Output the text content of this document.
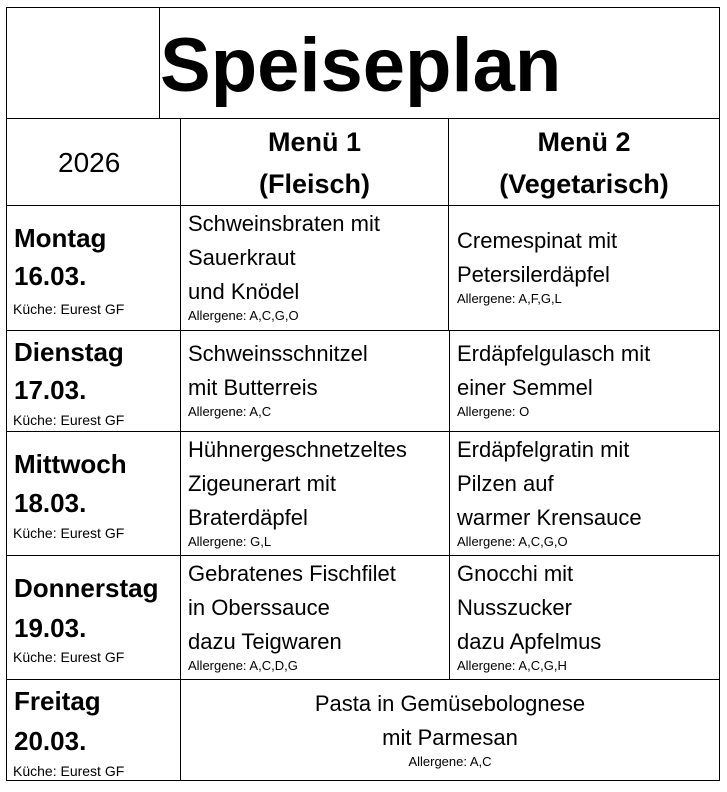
Speiseplan
2026
Menü 1
(Fleisch)
Menü 2
(Vegetarisch)
Montag
16.03.
Küche: Eurest GF
Schweinsbraten mit
Sauerkraut
und Knödel
Allergene: A,C,G,O
Cremespinat mit
Petersilerdäpfel
Allergene: A,F,G,L
Dienstag
17.03.
Küche: Eurest GF
Schweinsschnitzel
mit Butterreis
Allergene: A,C
Erdäpfelgulasch mit
einer Semmel
Allergene: O
Mittwoch
18.03.
Küche: Eurest GF
Hühnergeschnetzeltes
Zigeunerart mit
Braterdäpfel
Allergene: G,L
Erdäpfelgratin mit
Pilzen auf
warmer Krensauce
Allergene: A,C,G,O
Donnerstag
19.03.
Küche: Eurest GF
Gebratenes Fischfilet
in Oberssauce
dazu Teigwaren
Allergene: A,C,D,G
Gnocchi mit
Nusszucker
dazu Apfelmus
Allergene: A,C,G,H
Freitag
20.03.
Küche: Eurest GF
Pasta in Gemüsebolognese
mit Parmesan
Allergene: A,C
